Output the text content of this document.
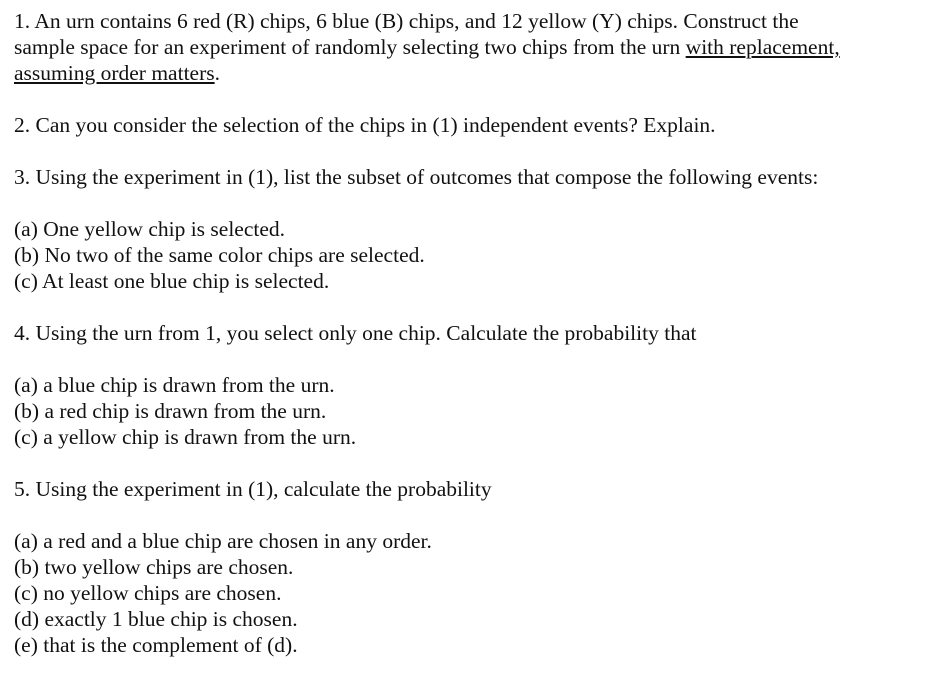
1. An urn contains 6 red (R) chips, 6 blue (B) chips, and 12 yellow (Y) chips. Construct the
sample space for an experiment of randomly selecting two chips from the urn with replacement,
assuming order matters.
2. Can you consider the selection of the chips in (1) independent events? Explain.
3. Using the experiment in (1), list the subset of outcomes that compose the following events:
(a) One yellow chip is selected.
(b) No two of the same color chips are selected.
(c) At least one blue chip is selected.
4. Using the urn from 1, you select only one chip. Calculate the probability that
(a) a blue chip is drawn from the urn.
(b) a red chip is drawn from the urn.
(c) a yellow chip is drawn from the urn.
5. Using the experiment in (1), calculate the probability
(a) a red and a blue chip are chosen in any order.
(b) two yellow chips are chosen.
(c) no yellow chips are chosen.
(d) exactly 1 blue chip is chosen.
(e) that is the complement of (d).
